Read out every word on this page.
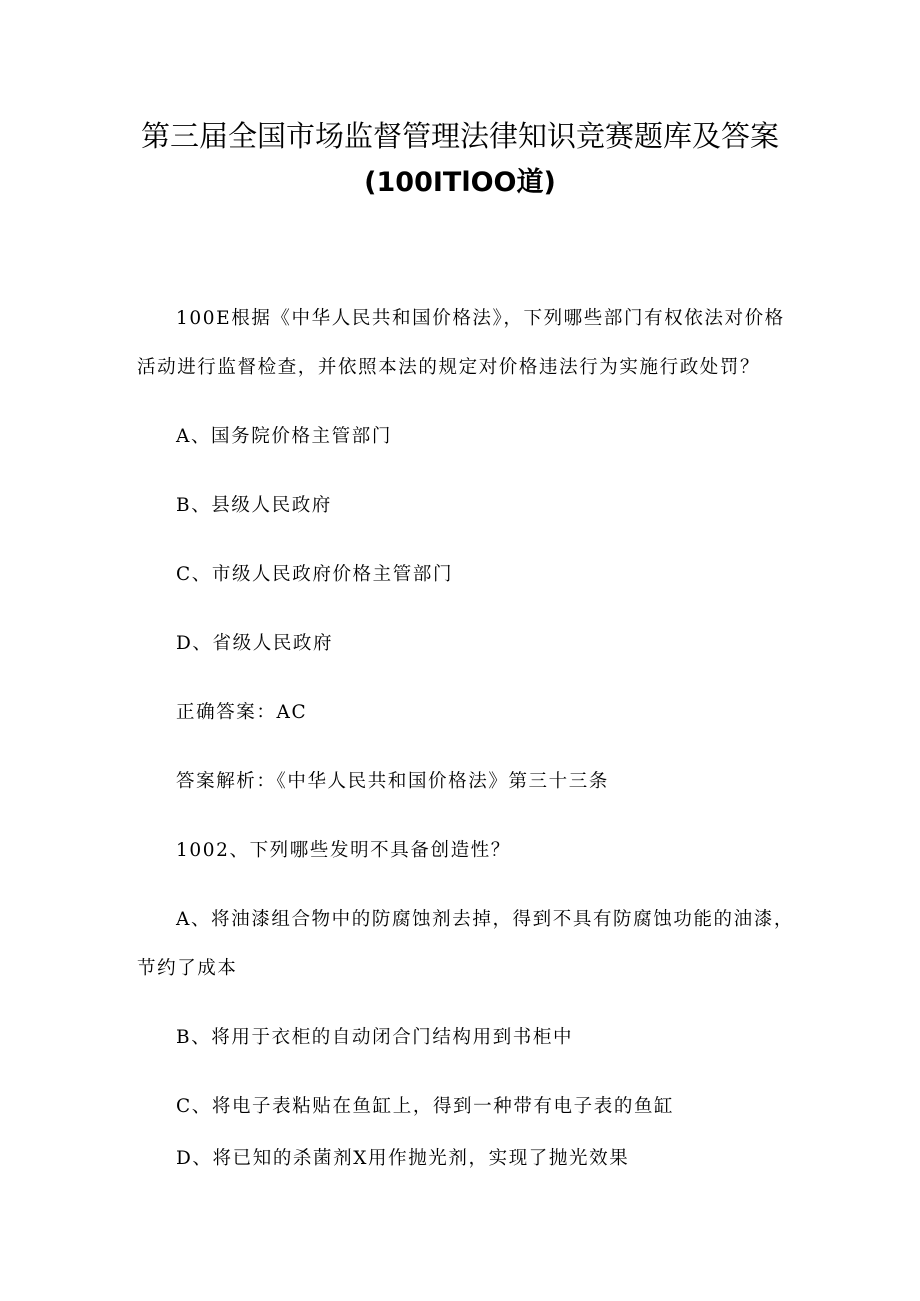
第三届全国市场监督管理法律知识竞赛题库及答案
(100ITlOO道)
100E根据《中华人民共和国价格法》，下列哪些部门有权依法对价格
活动进行监督检查，并依照本法的规定对价格违法行为实施行政处罚？
A、国务院价格主管部门
B、县级人民政府
C、市级人民政府价格主管部门
D、省级人民政府
正确答案：AC
答案解析：《中华人民共和国价格法》第三十三条
1002、下列哪些发明不具备创造性？
A、将油漆组合物中的防腐蚀剂去掉，得到不具有防腐蚀功能的油漆，
节约了成本
B、将用于衣柜的自动闭合门结构用到书柜中
C、将电子表粘贴在鱼缸上，得到一种带有电子表的鱼缸
D、将已知的杀菌剂X用作抛光剂，实现了抛光效果
